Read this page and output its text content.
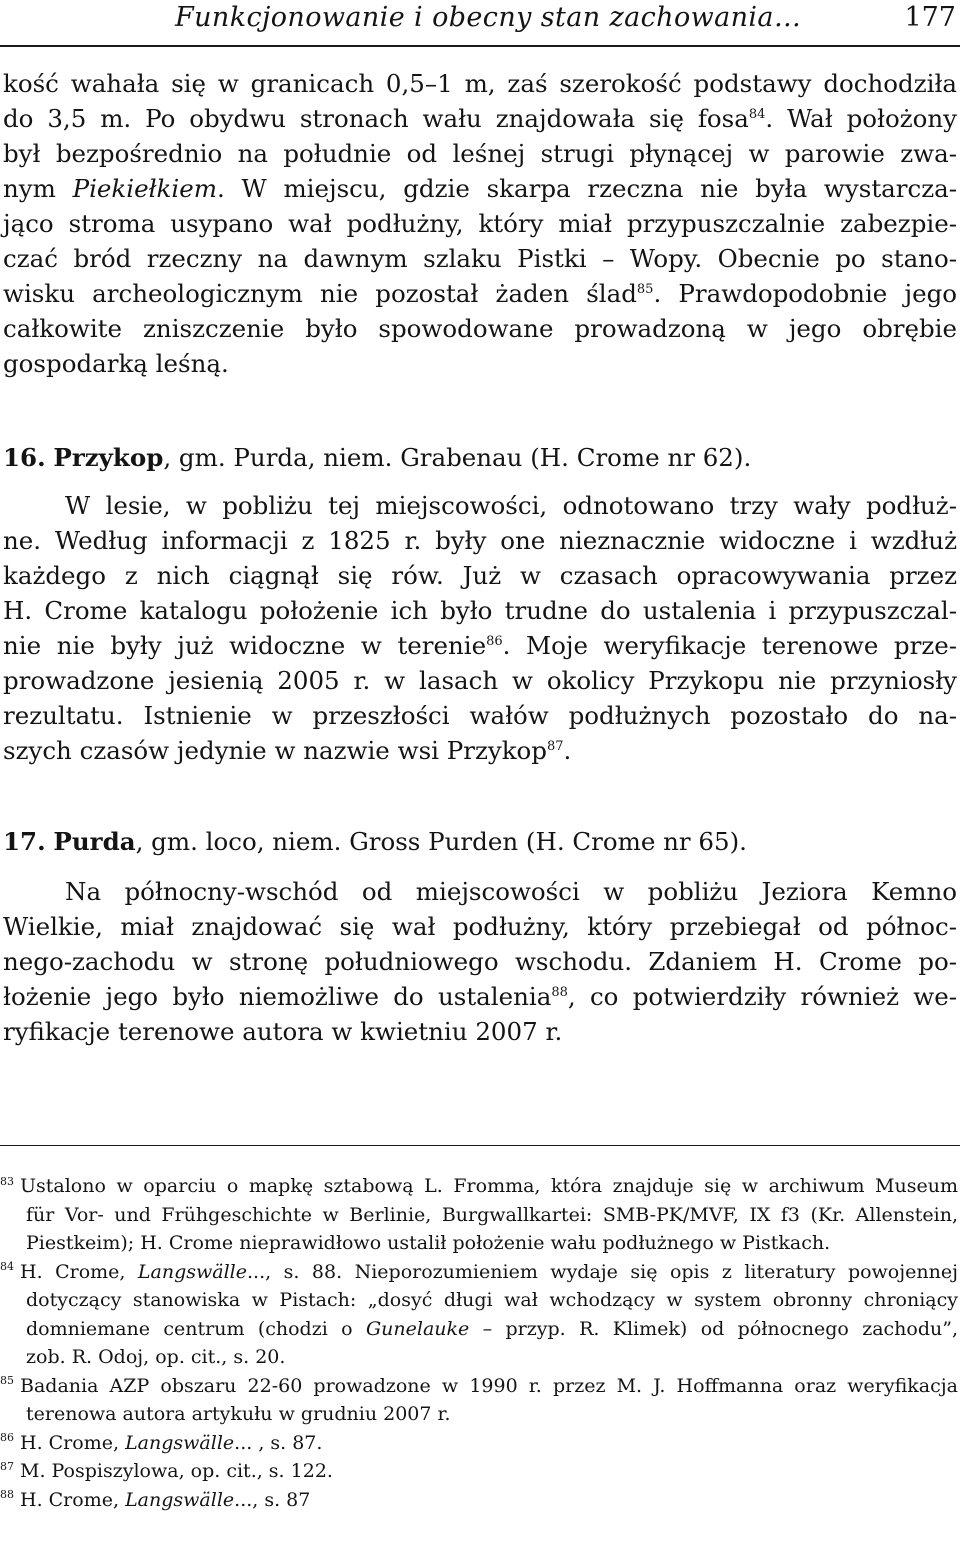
Funkcjonowanie i obecny stan zachowania…	177
kość wahała się w granicach 0,5–1 m, zaś szerokość podstawy dochodziła
do 3,5 m. Po obydwu stronach wału znajdowała się fosa$^{84}$. Wał położony
był bezpośrednio na południe od leśnej strugi płynącej w parowie zwa-
nym Piekiełkiem. W miejscu, gdzie skarpa rzeczna nie była wystarcza-
jąco stroma usypano wał podłużny, który miał przypuszczalnie zabezpie-
czać bród rzeczny na dawnym szlaku Pistki – Wopy. Obecnie po stano-
wisku archeologicznym nie pozostał żaden ślad$^{85}$. Prawdopodobnie jego
całkowite zniszczenie było spowodowane prowadzoną w jego obrębie
gospodarką leśną.
16. Przykop, gm. Purda, niem. Grabenau (H. Crome nr 62).
W lesie, w pobliżu tej miejscowości, odnotowano trzy wały podłuż-
ne. Według informacji z 1825 r. były one nieznacznie widoczne i wzdłuż
każdego z nich ciągnął się rów. Już w czasach opracowywania przez
H. Crome katalogu położenie ich było trudne do ustalenia i przypuszczal-
nie nie były już widoczne w terenie$^{86}$. Moje weryfikacje terenowe prze-
prowadzone jesienią 2005 r. w lasach w okolicy Przykopu nie przyniosły
rezultatu. Istnienie w przeszłości wałów podłużnych pozostało do na-
szych czasów jedynie w nazwie wsi Przykop$^{87}$.
17. Purda, gm. loco, niem. Gross Purden (H. Crome nr 65).
Na północny-wschód od miejscowości w pobliżu Jeziora Kemno
Wielkie, miał znajdować się wał podłużny, który przebiegał od północ-
nego-zachodu w stronę południowego wschodu. Zdaniem H. Crome po-
łożenie jego było niemożliwe do ustalenia$^{88}$, co potwierdziły również we-
ryfikacje terenowe autora w kwietniu 2007 r.
$^{83}$ Ustalono w oparciu o mapkę sztabową L. Fromma, która znajduje się w archiwum Museum
für Vor- und Frühgeschichte w Berlinie, Burgwallkartei: SMB-PK/MVF, IX f3 (Kr. Allenstein,
Piestkeim); H. Crome nieprawidłowo ustalił położenie wału podłużnego w Pistkach.
$^{84}$ H. Crome, Langswälle..., s. 88. Nieporozumieniem wydaje się opis z literatury powojennej
dotyczący stanowiska w Pistach: „dosyć długi wał wchodzący w system obronny chroniący
domniemane centrum (chodzi o Gunelauke – przyp. R. Klimek) od północnego zachodu”,
zob. R. Odoj, op. cit., s. 20.
$^{85}$ Badania AZP obszaru 22-60 prowadzone w 1990 r. przez M. J. Hoffmanna oraz weryfikacja
terenowa autora artykułu w grudniu 2007 r.
$^{86}$ H. Crome, Langswälle... , s. 87.
$^{87}$ M. Pospiszylowa, op. cit., s. 122.
$^{88}$ H. Crome, Langswälle..., s. 87
